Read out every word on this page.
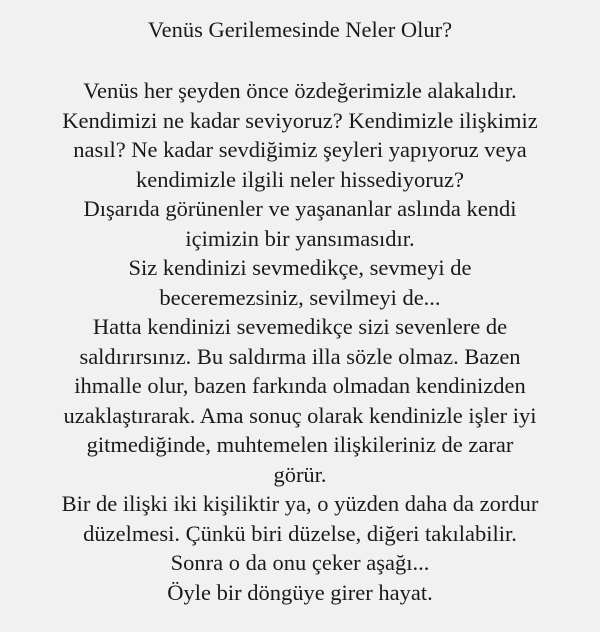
Venüs Gerilemesinde Neler Olur?
Venüs her şeyden önce özdeğerimizle alakalıdır.
Kendimizi ne kadar seviyoruz? Kendimizle ilişkimiz
nasıl? Ne kadar sevdiğimiz şeyleri yapıyoruz veya
kendimizle ilgili neler hissediyoruz?
Dışarıda görünenler ve yaşananlar aslında kendi
içimizin bir yansımasıdır.
Siz kendinizi sevmedikçe, sevmeyi de
beceremezsiniz, sevilmeyi de...
Hatta kendinizi sevemedikçe sizi sevenlere de
saldırırsınız. Bu saldırma illa sözle olmaz. Bazen
ihmalle olur, bazen farkında olmadan kendinizden
uzaklaştırarak. Ama sonuç olarak kendinizle işler iyi
gitmediğinde, muhtemelen ilişkileriniz de zarar
görür.
Bir de ilişki iki kişiliktir ya, o yüzden daha da zordur
düzelmesi. Çünkü biri düzelse, diğeri takılabilir.
Sonra o da onu çeker aşağı...
Öyle bir döngüye girer hayat.
